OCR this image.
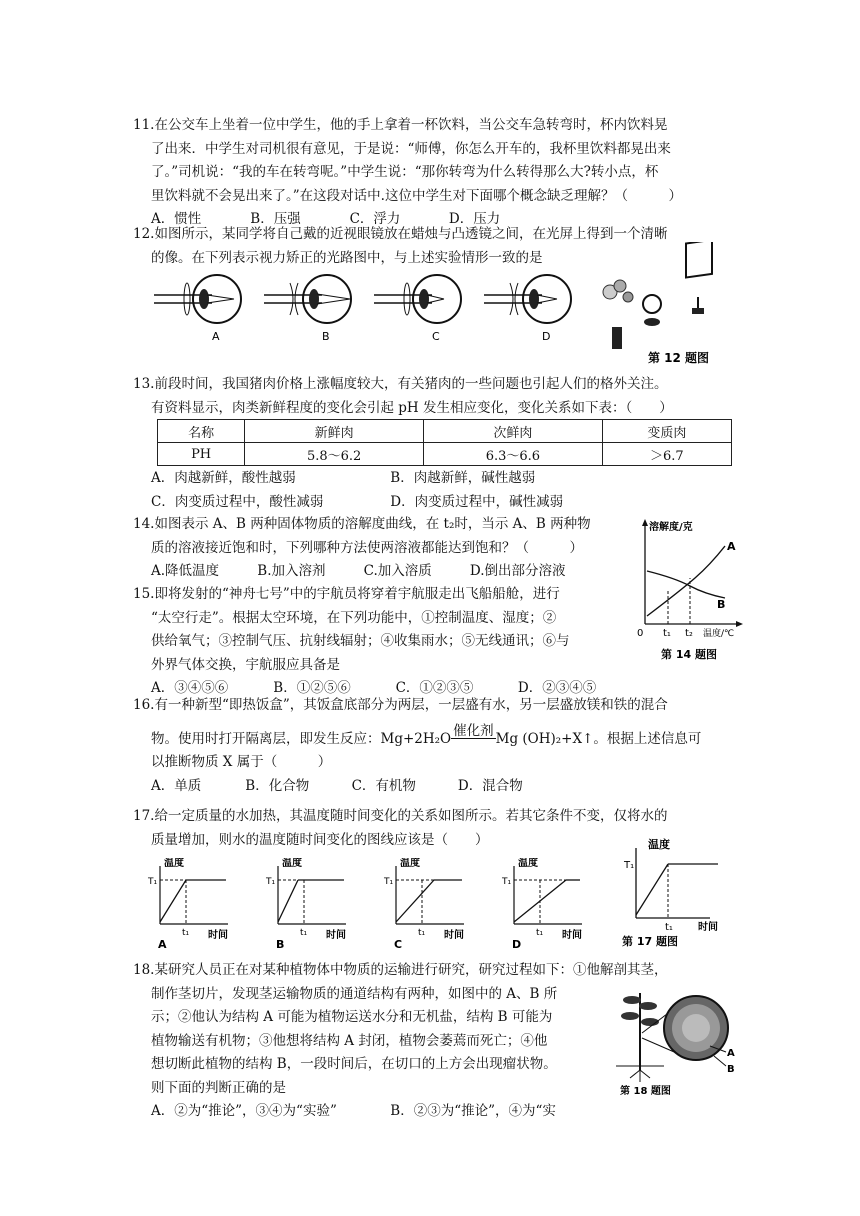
11.在公交车上坐着一位中学生，他的手上拿着一杯饮料，当公交车急转弯时，杯内饮料晃
了出来．中学生对司机很有意见，于是说：“师傅，你怎么开车的，我杯里饮料都晃出来
了。”司机说：“我的车在转弯呢。”中学生说：“那你转弯为什么转得那么大?转小点，杯
里饮料就不会晃出来了。”在这段对话中.这位中学生对下面哪个概念缺乏理解？（　　　）
A．惯性	B．压强	C．浮力	D．压力
12.如图所示，某同学将自己戴的近视眼镜放在蜡烛与凸透镜之间，在光屏上得到一个清晰
的像。在下列表示视力矫正的光路图中，与上述实验情形一致的是
A	B	C	D
第 12 题图
13.前段时间，我国猪肉价格上涨幅度较大，有关猪肉的一些问题也引起人们的格外关注。
有资料显示，肉类新鲜程度的变化会引起 pH 发生相应变化，变化关系如下表：（　　）
名称	新鲜肉	次鲜肉	变质肉
PH	5.8～6.2	6.3～6.6	＞6.7
A．肉越新鲜，酸性越弱	B．肉越新鲜，碱性越弱
C．肉变质过程中，酸性减弱	D．肉变质过程中，碱性减弱
14.如图表示 A、B 两种固体物质的溶解度曲线，在 t₂时，当示 A、B 两种物
质的溶液接近饱和时，下列哪种方法使两溶液都能达到饱和？（　　　）
A.降低温度	B.加入溶剂	C.加入溶质	D.倒出部分溶液
溶解度/克
A
B
0 t₁ t₂ 温度/℃
第 14 题图
15.即将发射的“神舟七号”中的宇航员将穿着宇航服走出飞船船舱，进行
“太空行走”。根据太空环境，在下列功能中，①控制温度、湿度；②
供给氧气；③控制气压、抗射线辐射；④收集雨水；⑤无线通讯；⑥与
外界气体交换，宇航服应具备是
A．③④⑤⑥	B．①②⑤⑥	C．①②③⑤	D．②③④⑤
16.有一种新型“即热饭盒”，其饭盒底部分为两层，一层盛有水，另一层盛放镁和铁的混合
物。使用时打开隔离层，即发生反应：Mg+2H₂O 催化剂 Mg (OH)₂+X↑。根据上述信息可
以推断物质 X 属于（　　　）
A．单质	B．化合物	C．有机物	D．混合物
17.给一定质量的水加热，其温度随时间变化的关系如图所示。若其它条件不变，仅将水的
质量增加，则水的温度随时间变化的图线应该是（　　）
温度
T₁
t₁ 时间
A
温度
T₁
t₁ 时间
B
温度
T₁
t₁ 时间
C
温度
T₁
t₁ 时间
D
温度
T₁
t₁	时间
第 17 题图
18.某研究人员正在对某种植物体中物质的运输进行研究，研究过程如下：①他解剖其茎，
制作茎切片，发现茎运输物质的通道结构有两种，如图中的 A、B 所
示；②他认为结构 A 可能为植物运送水分和无机盐，结构 B 可能为
植物输送有机物；③他想将结构 A 封闭，植物会萎蔫而死亡；④他
想切断此植物的结构 B，一段时间后，在切口的上方会出现瘤状物。
则下面的判断正确的是
A．②为“推论”，③④为“实验”	B．②③为“推论”，④为“实
A
B
第 18 题图
